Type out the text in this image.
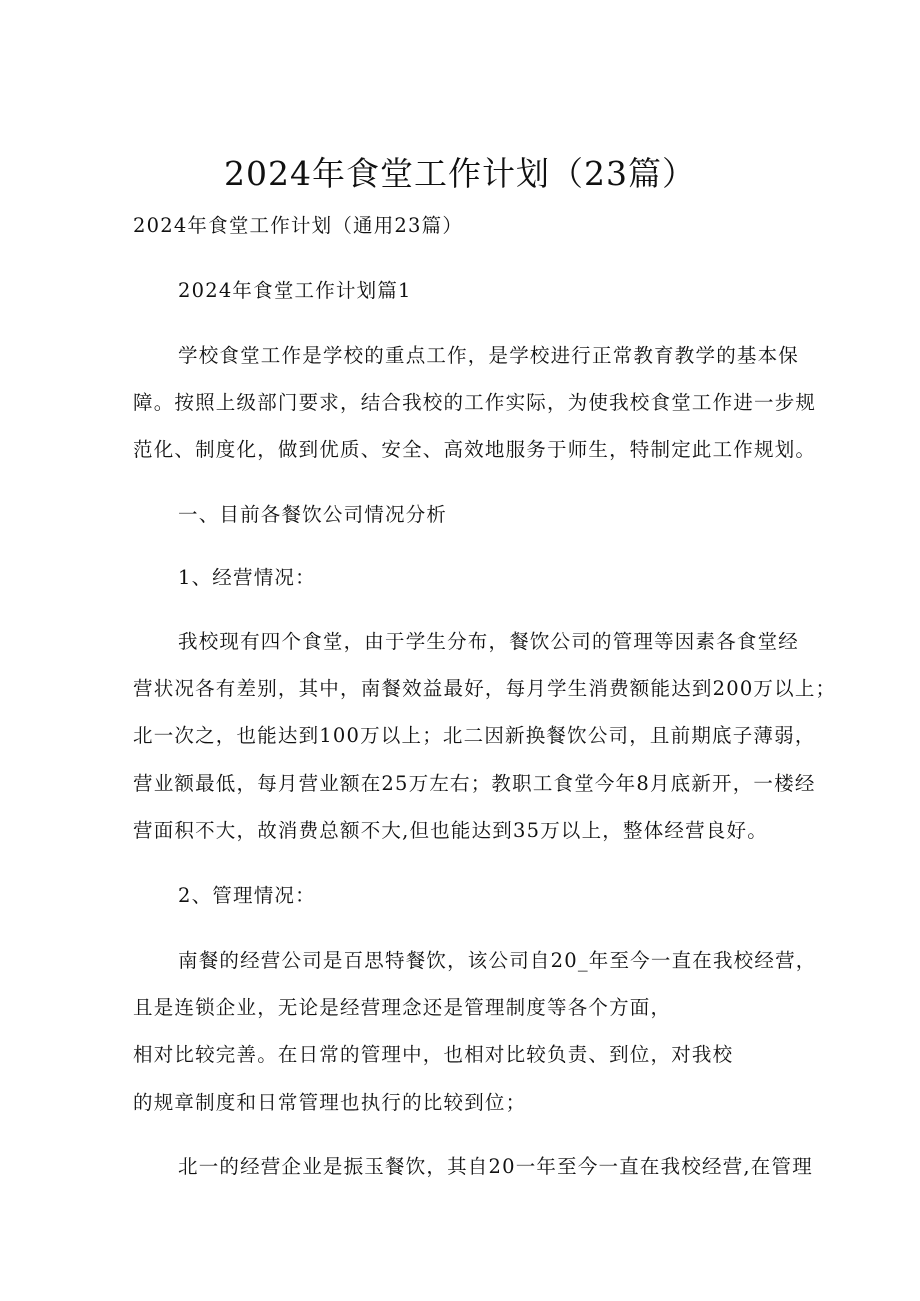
2024年食堂工作计划（23篇）
2024年食堂工作计划（通用23篇）
2024年食堂工作计划篇1
学校食堂工作是学校的重点工作，是学校进行正常教育教学的基本保
障。按照上级部门要求，结合我校的工作实际，为使我校食堂工作进一步规
范化、制度化，做到优质、安全、高效地服务于师生，特制定此工作规划。
一、目前各餐饮公司情况分析
1、经营情况：
我校现有四个食堂，由于学生分布，餐饮公司的管理等因素各食堂经
营状况各有差别，其中，南餐效益最好，每月学生消费额能达到200万以上；
北一次之，也能达到100万以上；北二因新换餐饮公司，且前期底子薄弱，
营业额最低，每月营业额在25万左右；教职工食堂今年8月底新开，一楼经
营面积不大，故消费总额不大,但也能达到35万以上，整体经营良好。
2、管理情况：
南餐的经营公司是百思特餐饮，该公司自20_年至今一直在我校经营，
且是连锁企业，无论是经营理念还是管理制度等各个方面，
相对比较完善。在日常的管理中，也相对比较负责、到位，对我校
的规章制度和日常管理也执行的比较到位；
北一的经营企业是振玉餐饮，其自20一年至今一直在我校经营,在管理
